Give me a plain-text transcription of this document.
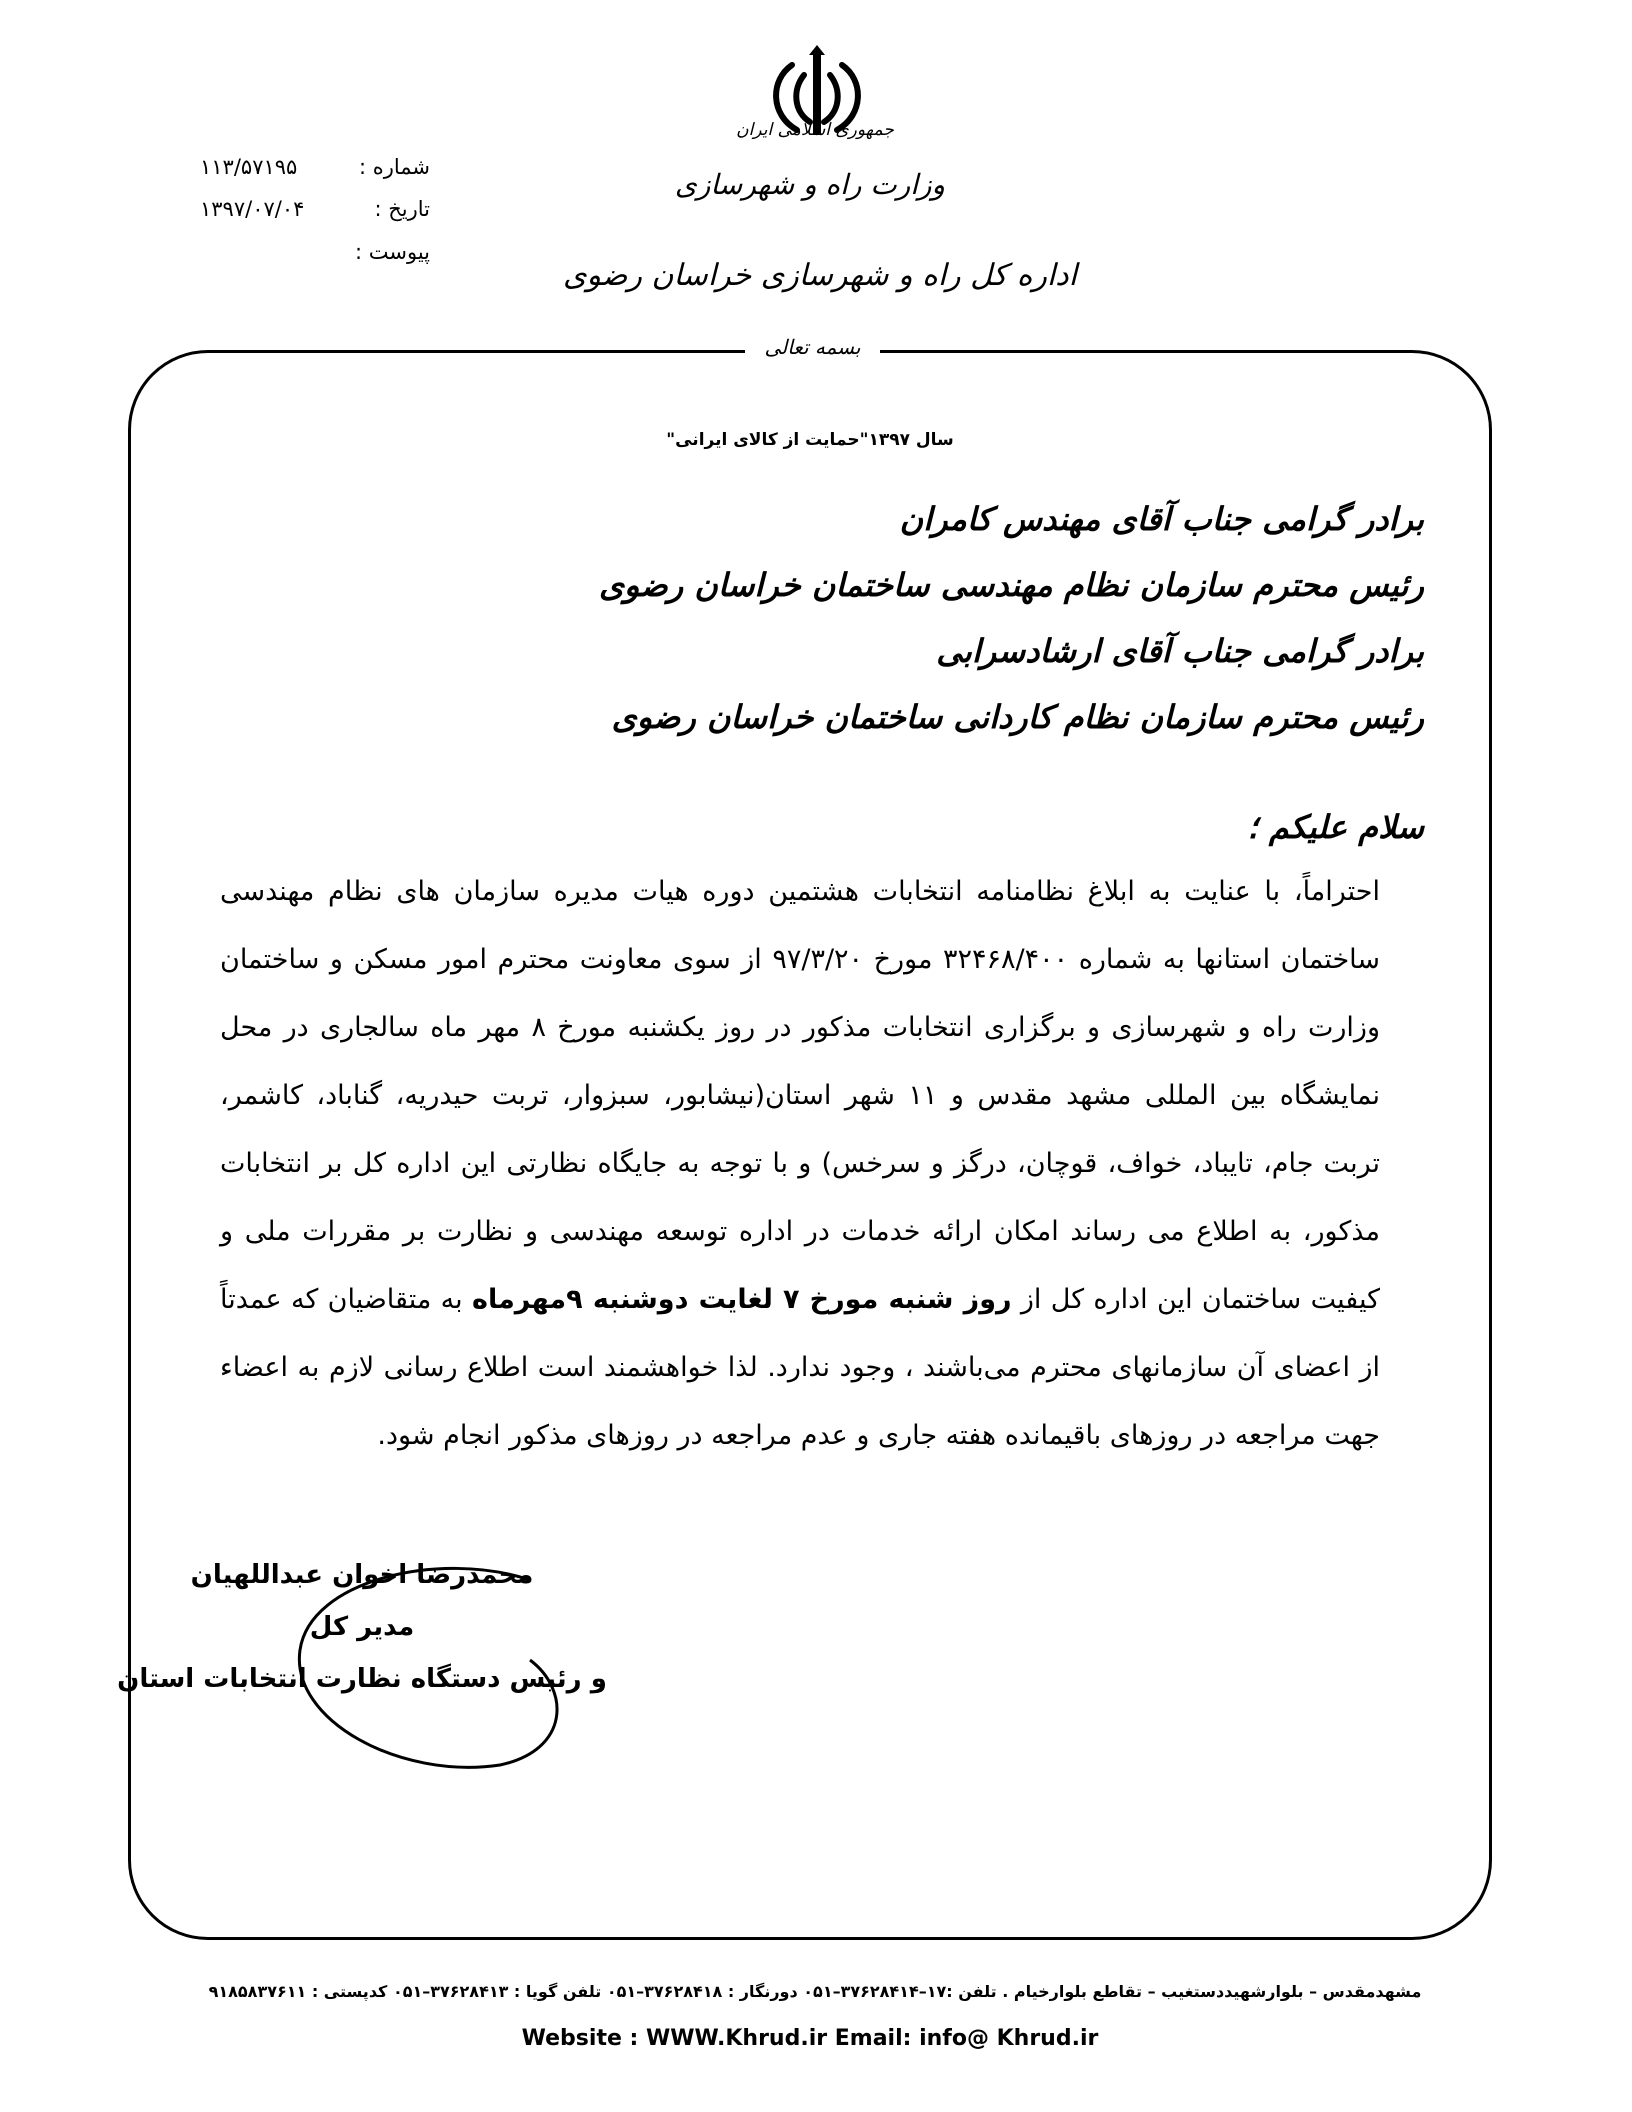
جمهوری اسلامی ایران
وزارت راه و شهرسازی
اداره کل راه و شهرسازی خراسان رضوی
۱۱۳/۵۷۱۹۵	شماره :
۱۳۹۷/۰۷/۰۴	تاریخ :
پیوست :
بسمه تعالی
سال ۱۳۹۷"حمایت از کالای ایرانی"
برادر گرامی جناب آقای مهندس کامران
رئیس محترم سازمان نظام مهندسی ساختمان خراسان رضوی
برادر گرامی جناب آقای ارشادسرابی
رئیس محترم سازمان نظام کاردانی ساختمان خراسان رضوی
سلام علیکم ؛
احتراماً، با عنایت به ابلاغ نظامنامه انتخابات هشتمین دوره هیات مدیره سازمان های نظام مهندسی ساختمان استانها به شماره ۳۲۴۶۸/۴۰۰ مورخ ۹۷/۳/۲۰ از سوی معاونت محترم امور مسکن و ساختمان وزارت راه و شهرسازی و برگزاری انتخابات مذکور در روز یکشنبه مورخ ۸ مهر ماه سالجاری در محل نمایشگاه بین المللی مشهد مقدس و ۱۱ شهر استان(نیشابور، سبزوار، تربت حیدریه، گناباد، کاشمر، تربت جام، تایباد، خواف، قوچان، درگز و سرخس) و با توجه به جایگاه نظارتی این اداره کل بر انتخابات مذکور، به اطلاع می رساند امکان ارائه خدمات در اداره توسعه مهندسی و نظارت بر مقررات ملی و کیفیت ساختمان این اداره کل از روز شنبه مورخ ۷ لغایت دوشنبه ۹مهرماه به متقاضیان که عمدتاً از اعضای آن سازمانهای محترم می‌باشند ، وجود ندارد. لذا خواهشمند است اطلاع رسانی لازم به اعضاء جهت مراجعه در روزهای باقیمانده هفته جاری و عدم مراجعه در روزهای مذکور انجام شود.
محمدرضا اخوان عبداللهیان
مدیر کل
و رئیس دستگاه نظارت انتخابات استان
مشهدمقدس – بلوارشهیددستغیب – تقاطع بلوارخیام . تلفن :۱۷–۳۷۶۲۸۴۱۴–۰۵۱ دورنگار : ۳۷۶۲۸۴۱۸–۰۵۱ تلفن گویا : ۳۷۶۲۸۴۱۳–۰۵۱ کدپستی : ۹۱۸۵۸۳۷۶۱۱
Website : WWW.Khrud.ir Email: info@ Khrud.ir
